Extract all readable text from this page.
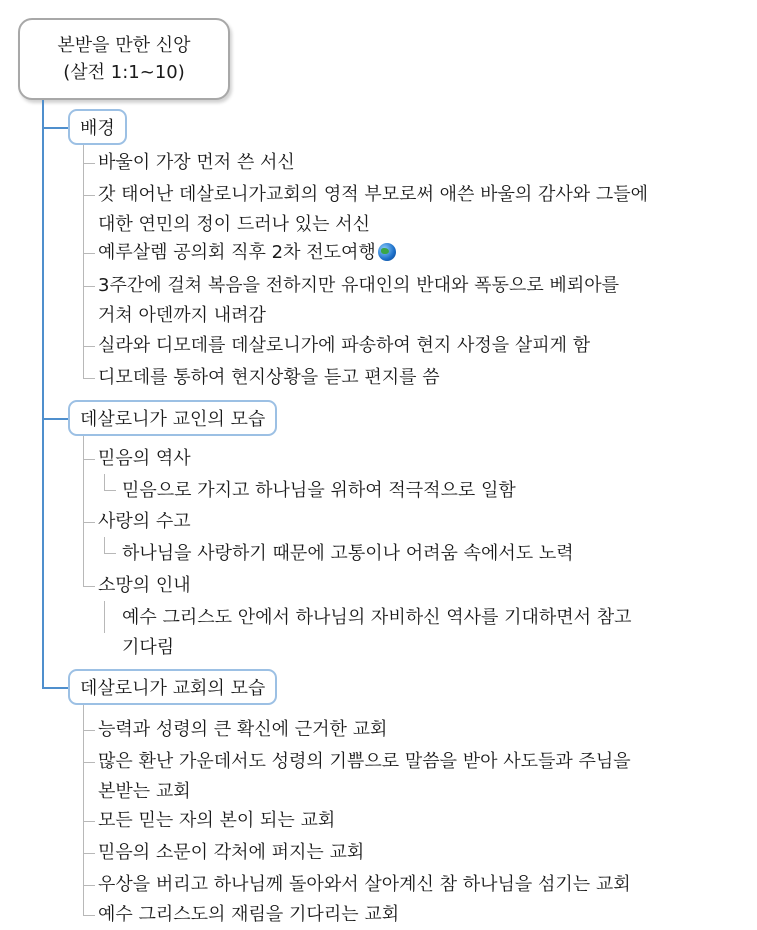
본받을 만한 신앙
(살전 1:1~10)
배경
바울이 가장 먼저 쓴 서신
갓 태어난 데살로니가교회의 영적 부모로써 애쓴 바울의 감사와 그들에
대한 연민의 정이 드러나 있는 서신
예루살렘 공의회 직후 2차 전도여행
3주간에 걸쳐 복음을 전하지만 유대인의 반대와 폭동으로 베뢰아를
거쳐 아덴까지 내려감
실라와 디모데를 데살로니가에 파송하여 현지 사정을 살피게 함
디모데를 통하여 현지상황을 듣고 편지를 씀
데살로니가 교인의 모습
믿음의 역사
믿음으로 가지고 하나님을 위하여 적극적으로 일함
사랑의 수고
하나님을 사랑하기 때문에 고통이나 어려움 속에서도 노력
소망의 인내
예수 그리스도 안에서 하나님의 자비하신 역사를 기대하면서 참고
기다림
데살로니가 교회의 모습
능력과 성령의 큰 확신에 근거한 교회
많은 환난 가운데서도 성령의 기쁨으로 말씀을 받아 사도들과 주님을
본받는 교회
모든 믿는 자의 본이 되는 교회
믿음의 소문이 각처에 퍼지는 교회
우상을 버리고 하나님께 돌아와서 살아계신 참 하나님을 섬기는 교회
예수 그리스도의 재림을 기다리는 교회
